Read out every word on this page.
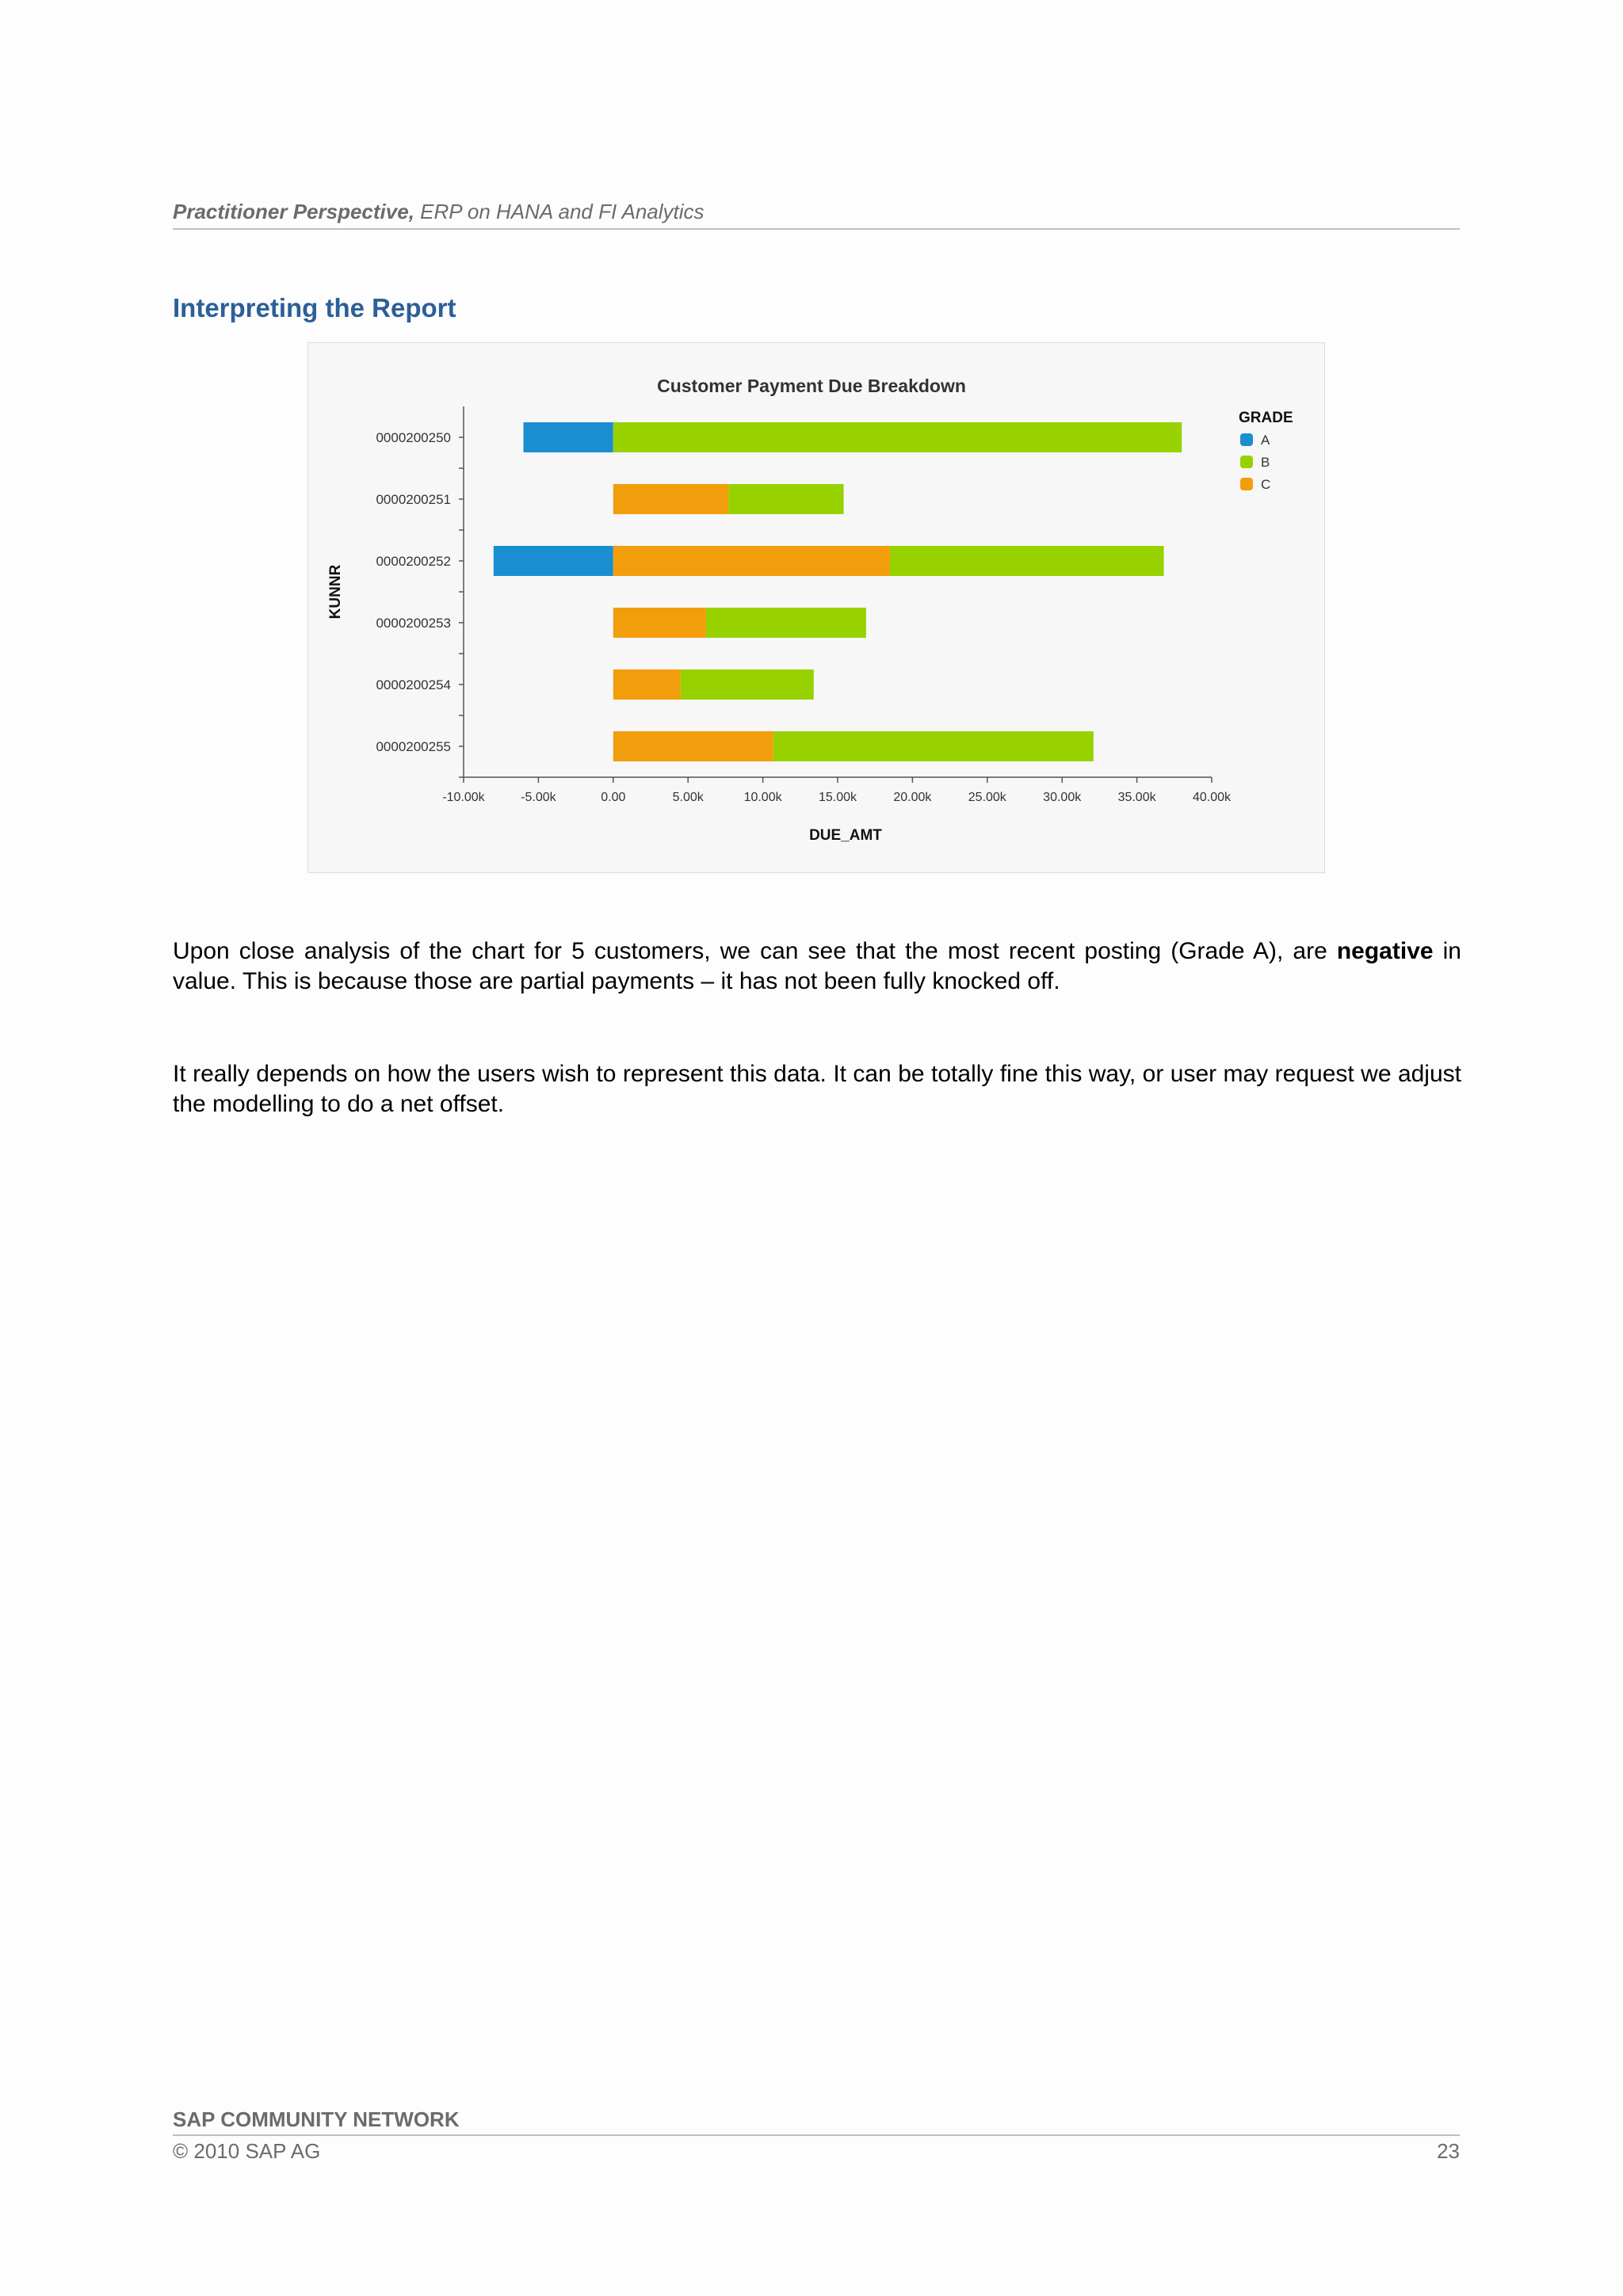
Practitioner Perspective, ERP on HANA and FI Analytics
Interpreting the Report
Customer Payment Due Breakdown
0000200250
0000200251
0000200252
0000200253
0000200254
0000200255
-10.00k	-5.00k	0.00	5.00k	10.00k	15.00k	20.00k	25.00k	30.00k	35.00k	40.00k
DUE_AMT
KUNNR
GRADE
A
B
C
Upon close analysis of the chart for 5 customers, we can see that the most recent posting (Grade A), are negative in value. This is because those are partial payments – it has not been fully knocked off.
It really depends on how the users wish to represent this data. It can be totally fine this way, or user may request we adjust the modelling to do a net offset.
SAP COMMUNITY NETWORK
© 2010 SAP AG	23
